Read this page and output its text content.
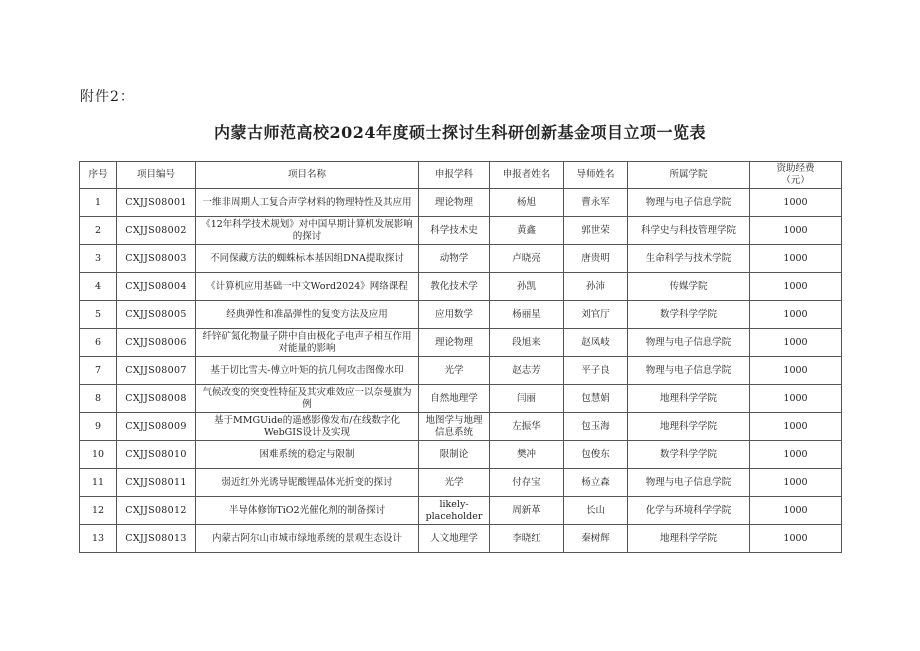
附件2：
内蒙古师范高校2024年度硕士探讨生科研创新基金项目立项一览表
序号	项目编号	项目名称	申报学科	申报者姓名	导师姓名	所属学院	资助经费
（元）

1	CXJJS08001	一维非周期人工复合声学材料的物理特性及其应用	理论物理	杨旭	曹永军	物理与电子信息学院	1000
2	CXJJS08002	《12年科学技术规划》对中国早期计算机发展影响的探讨	科学技术史	黄鑫	郭世荣	科学史与科技管理学院	1000
3	CXJJS08003	不同保藏方法的蜘蛛标本基因组DNA提取探讨	动物学	卢晓亮	唐贵明	生命科学与技术学院	1000
4	CXJJS08004	《计算机应用基础一中文Word2024》网络课程	教化技术学	孙凯	孙沛	传媒学院	1000
5	CXJJS08005	经典弹性和准晶弹性的复变方法及应用	应用数学	杨丽星	刘官厅	数学科学学院	1000
6	CXJJS08006	纤锌矿氮化物量子阱中自由极化子电声子相互作用对能量的影响	理论物理	段旭来	赵凤岐	物理与电子信息学院	1000
7	CXJJS08007	基于切比雪夫-傅立叶矩的抗几何攻击图像水印	光学	赵志芳	平子良	物理与电子信息学院	1000
8	CXJJS08008	气候改变的突变性特征及其灾难效应一以奈曼旗为例	自然地理学	闫丽	包慧娟	地理科学学院	1000
9	CXJJS08009	基于MMGUide的遥感影像发布/在线数字化WebGIS设计及实现	地图学与地理信息系统	左振华	包玉海	地理科学学院	1000
10	CXJJS08010	困难系统的稳定与限制	限制论	樊冲	包俊东	数学科学学院	1000
11	CXJJS08011	弱近红外光诱导铌酸锂晶体光折变的探讨	光学	付存宝	杨立森	物理与电子信息学院	1000
12	CXJJS08012	半导体修饰TiO2光催化剂的制备探讨	likely-placeholder	周新革	长山	化学与环境科学学院	1000
13	CXJJS08013	内蒙古阿尔山市城市绿地系统的景观生态设计	人文地理学	李晓红	秦树辉	地理科学学院	1000
